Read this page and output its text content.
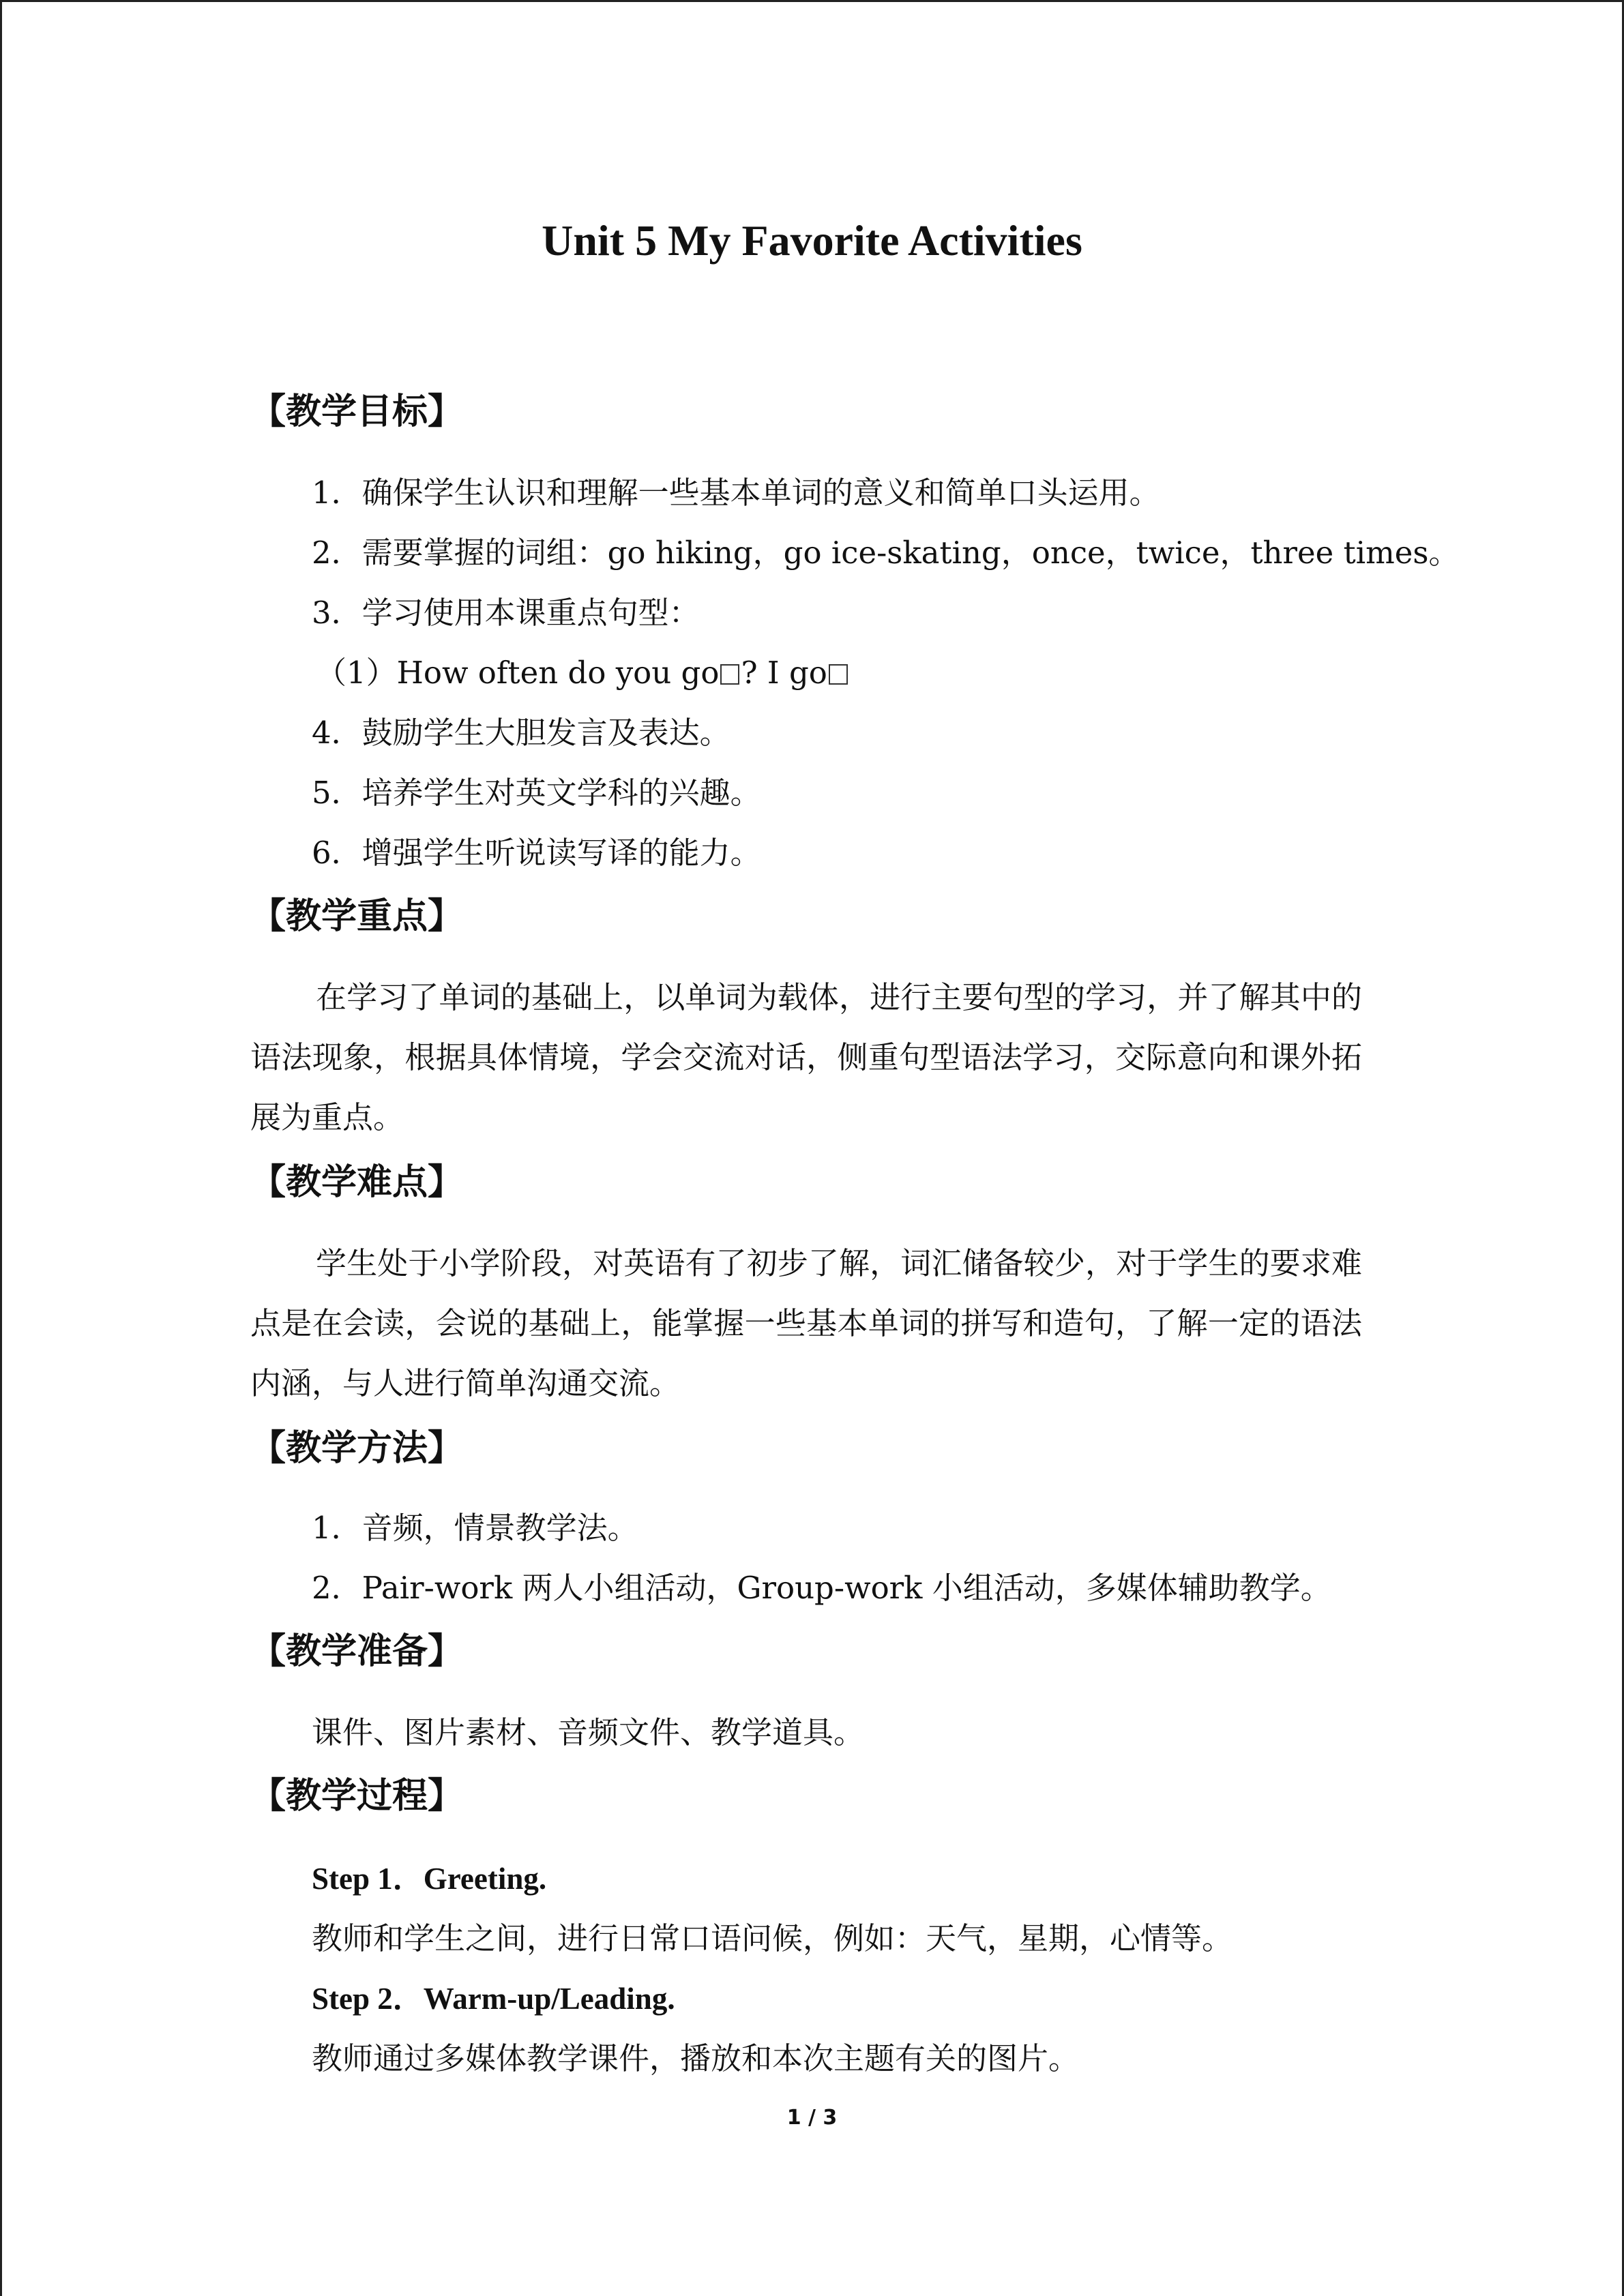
Unit 5 My Favorite Activities
【教学目标】
1．确保学生认识和理解一些基本单词的意义和简单口头运用。
2．需要掌握的词组：go hiking，go ice-skating，once，twice，three times。
3．学习使用本课重点句型：
（1）How often do you go ? I go
4．鼓励学生大胆发言及表达。
5．培养学生对英文学科的兴趣。
6．增强学生听说读写译的能力。
【教学重点】
在学习了单词的基础上，以单词为载体，进行主要句型的学习，并了解其中的语法现象，根据具体情境，学会交流对话，侧重句型语法学习，交际意向和课外拓展为重点。
【教学难点】
学生处于小学阶段，对英语有了初步了解，词汇储备较少，对于学生的要求难点是在会读，会说的基础上，能掌握一些基本单词的拼写和造句，了解一定的语法内涵，与人进行简单沟通交流。
【教学方法】
1．音频，情景教学法。
2．Pair-work 两人小组活动，Group-work 小组活动，多媒体辅助教学。
【教学准备】
课件、图片素材、音频文件、教学道具。
【教学过程】
Step 1．Greeting.
教师和学生之间，进行日常口语问候，例如：天气，星期，心情等。
Step 2．Warm-up/Leading.
教师通过多媒体教学课件，播放和本次主题有关的图片。
1 / 3
